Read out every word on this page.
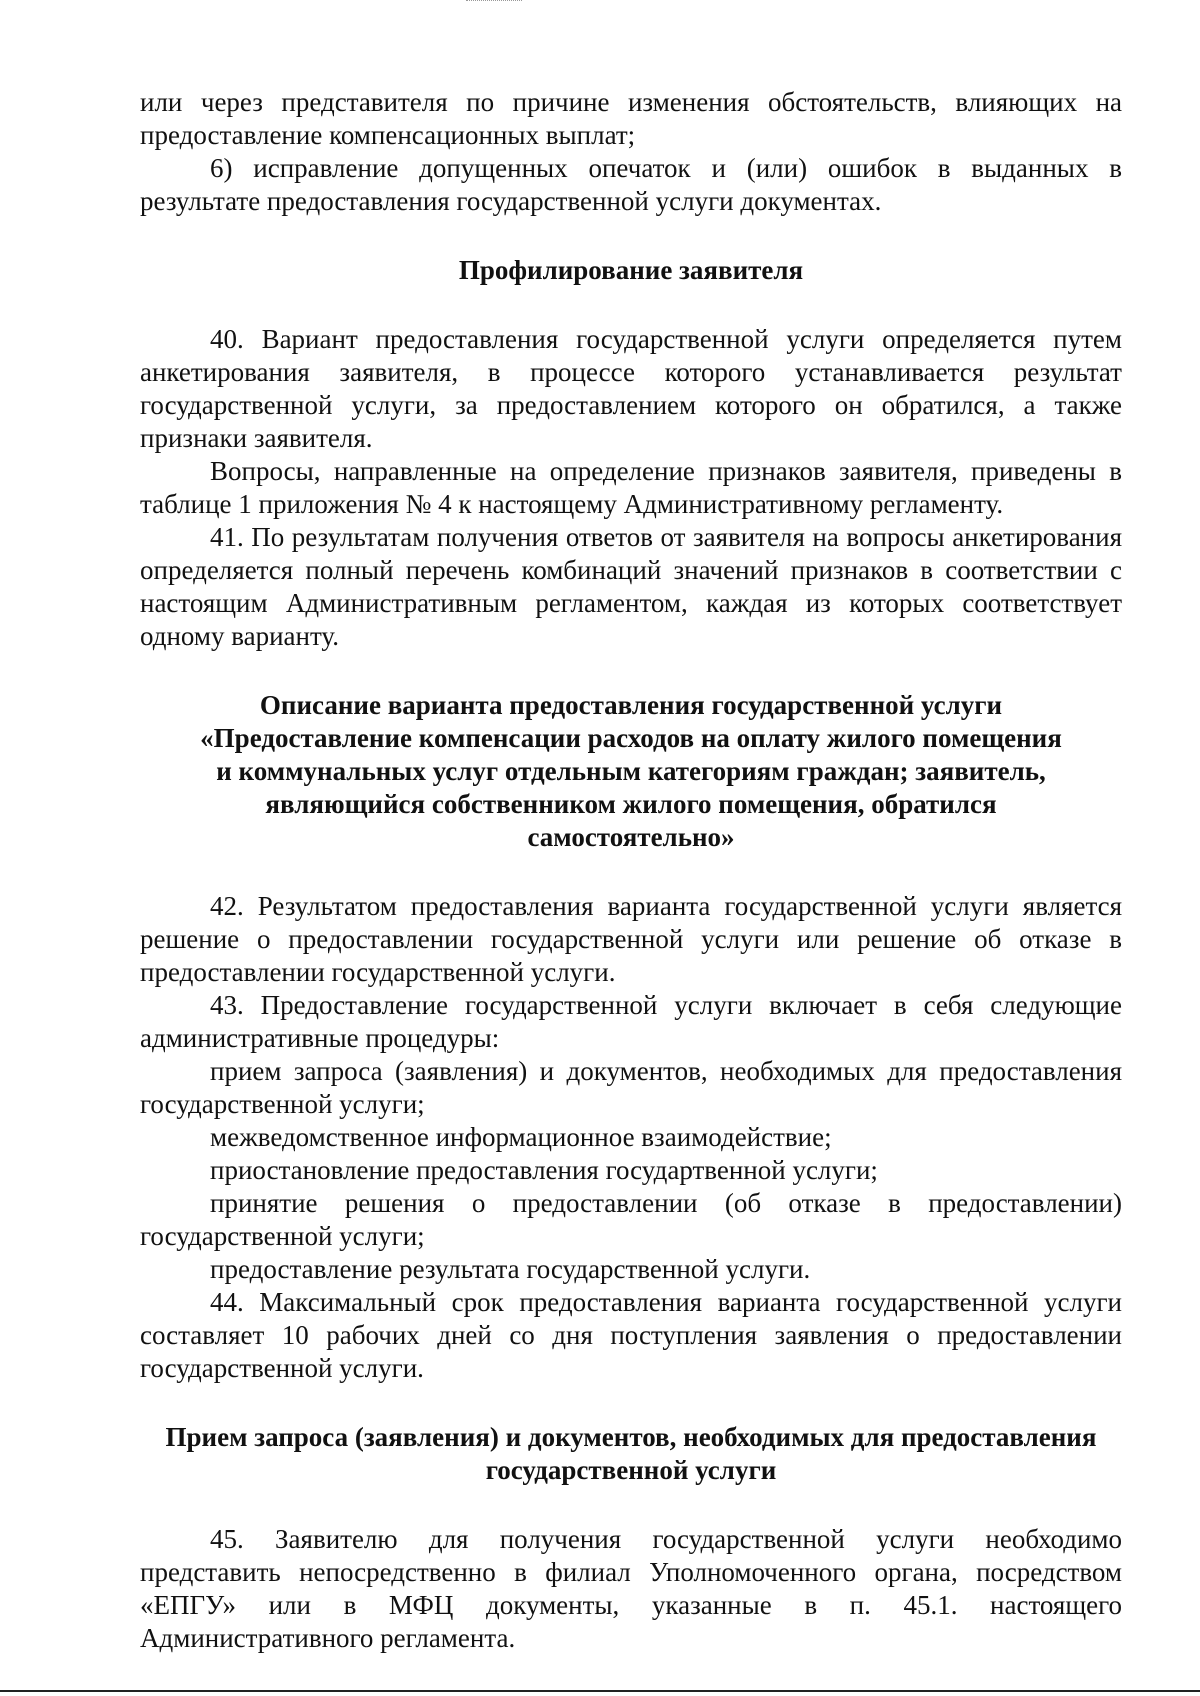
или через представителя по причине изменения обстоятельств, влияющих на предоставление компенсационных выплат;

6) исправление допущенных опечаток и (или) ошибок в выданных в результате предоставления государственной услуги документах.

Профилирование заявителя

40. Вариант предоставления государственной услуги определяется путем анкетирования заявителя, в процессе которого устанавливается результат государственной услуги, за предоставлением которого он обратился, а также признаки заявителя.

Вопросы, направленные на определение признаков заявителя, приведены в таблице 1 приложения № 4 к настоящему Административному регламенту.

41. По результатам получения ответов от заявителя на вопросы анкетирования определяется полный перечень комбинаций значений признаков в соответствии с настоящим Административным регламентом, каждая из которых соответствует одному варианту.

Описание варианта предоставления государственной услуги

«Предоставление компенсации расходов на оплату жилого помещения

и коммунальных услуг отдельным категориям граждан; заявитель,

являющийся собственником жилого помещения, обратился

самостоятельно»

42. Результатом предоставления варианта государственной услуги является решение о предоставлении государственной услуги или решение об отказе в предоставлении государственной услуги.

43. Предоставление государственной услуги включает в себя следующие административные процедуры:

прием запроса (заявления) и документов, необходимых для предоставления государственной услуги;

межведомственное информационное взаимодействие;

приостановление предоставления государтвенной услуги;

принятие решения о предоставлении (об отказе в предоставлении) государственной услуги;

предоставление результата государственной услуги.

44. Максимальный срок предоставления варианта государственной услуги составляет 10 рабочих дней со дня поступления заявления о предоставлении государственной услуги.

Прием запроса (заявления) и документов, необходимых для предоставления

государственной услуги

45. Заявителю для получения государственной услуги необходимо представить непосредственно в филиал Уполномоченного органа, посредством «ЕПГУ» или в МФЦ документы, указанные в п. 45.1. настоящего Административного регламента.
